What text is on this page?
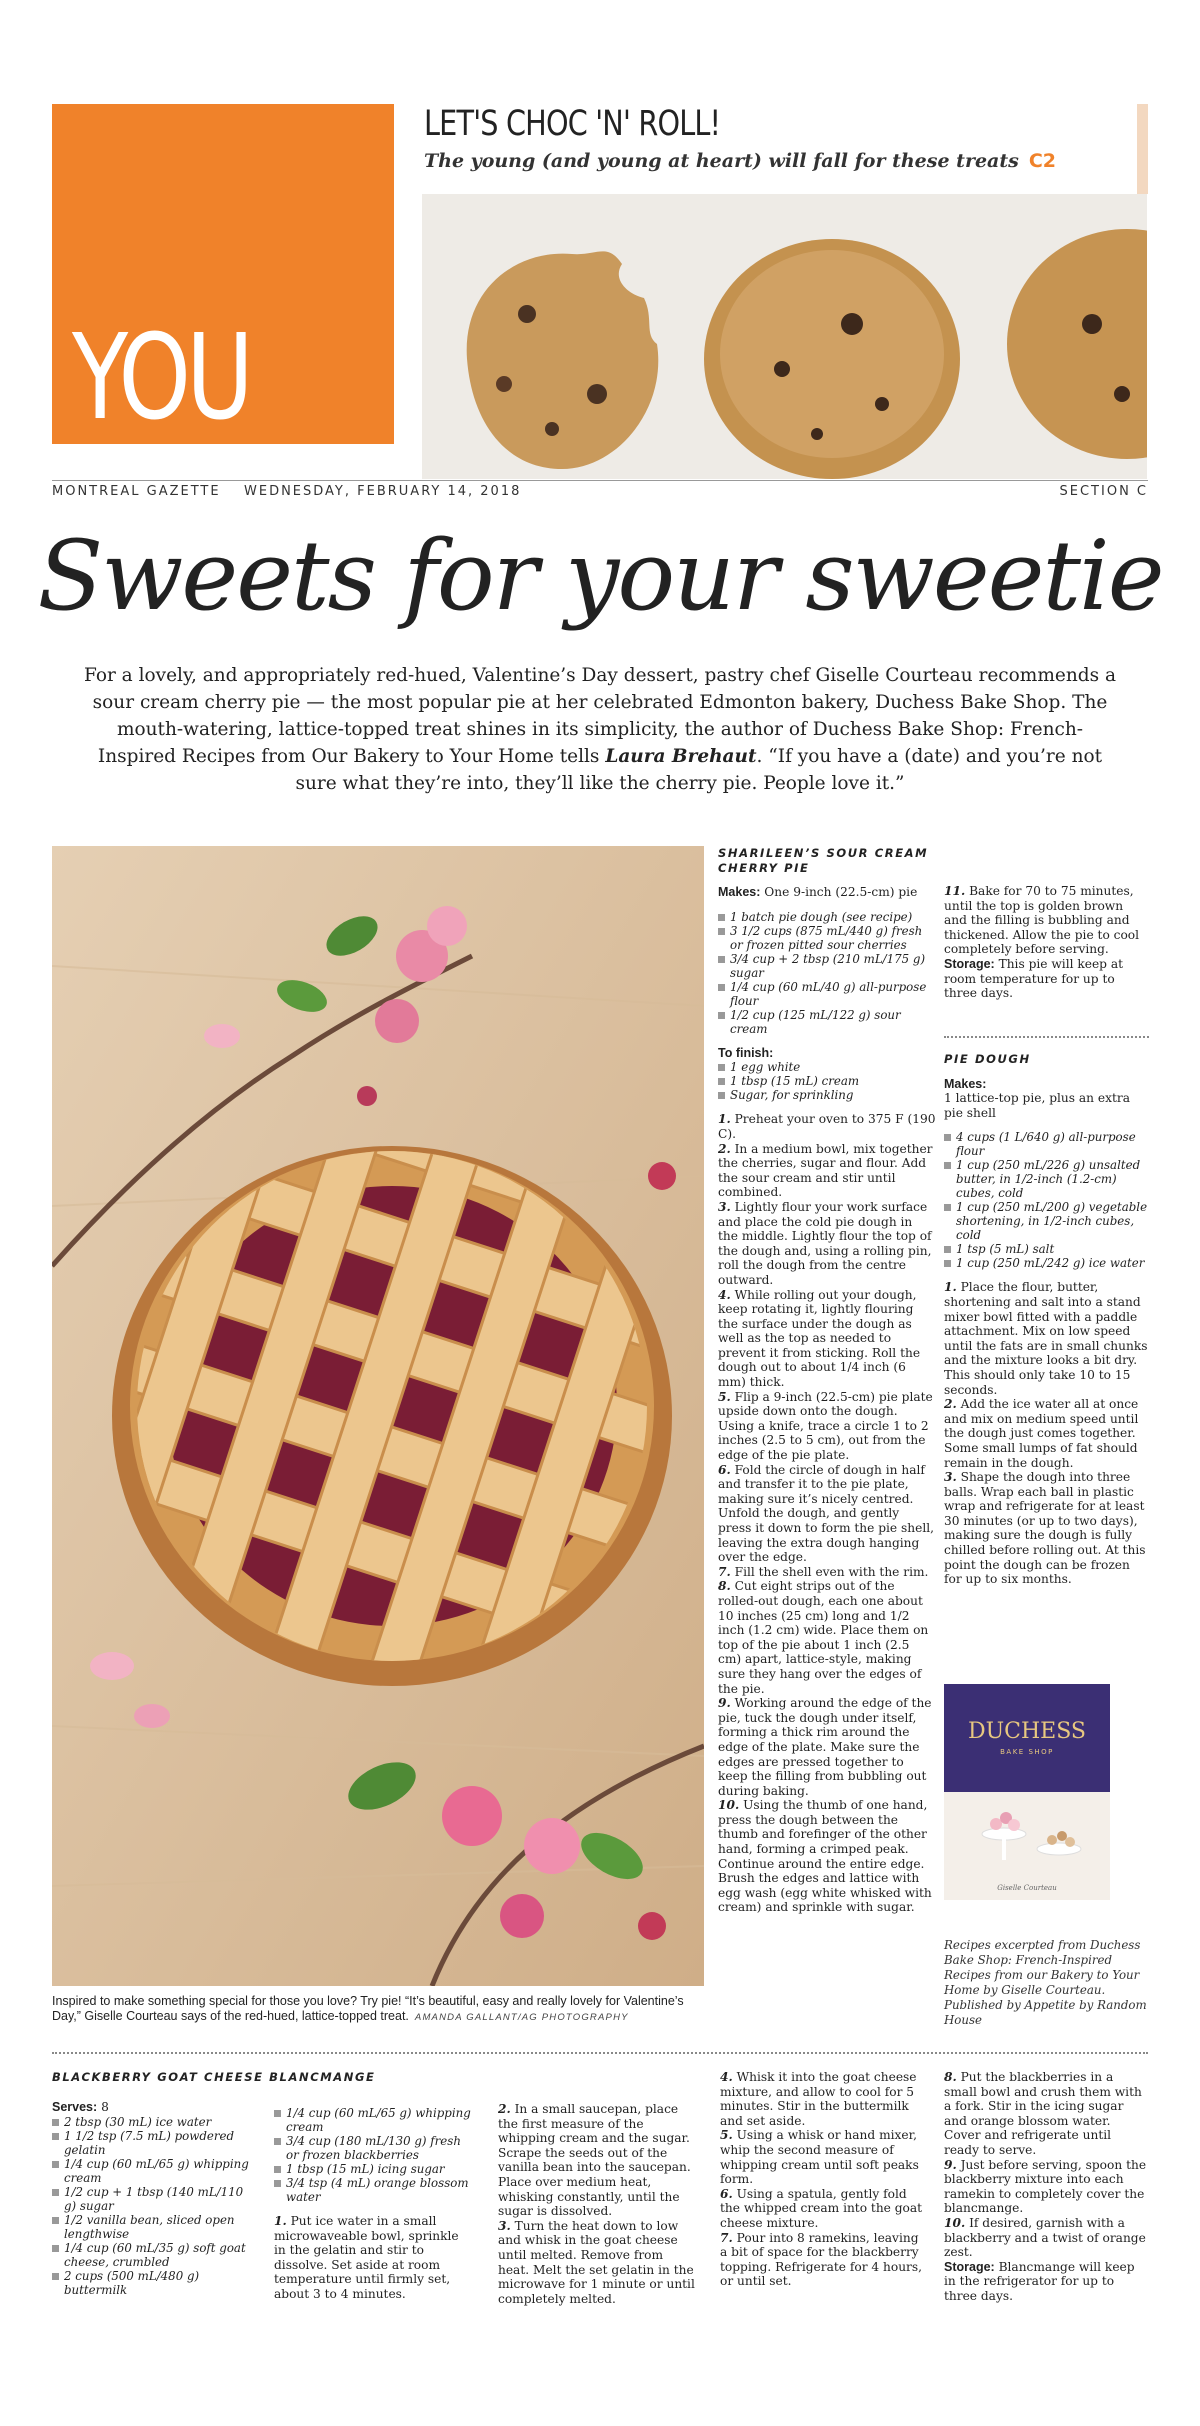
YOU
LET'S CHOC 'N' ROLL!
The young (and young at heart) will fall for these treats C2
MONTREAL GAZETTE WEDNESDAY, FEBRUARY 14, 2018	SECTION C
Sweets for your sweetie

For a lovely, and appropriately red-hued, Valentine’s Day dessert, pastry chef Giselle Courteau recommends a sour cream cherry pie — the most popular pie at her celebrated Edmonton bakery, Duchess Bake Shop. The mouth-watering, lattice-topped treat shines in its simplicity, the author of Duchess Bake Shop: French-Inspired Recipes from Our Bakery to Your Home tells Laura Brehaut. “If you have a (date) and you’re not sure what they’re into, they’ll like the cherry pie. People love it.”

Inspired to make something special for those you love? Try pie! “It’s beautiful, easy and really lovely for Valentine’s Day,” Giselle Courteau says of the red-hued, lattice-topped treat. AMANDA GALLANT/AG PHOTOGRAPHY

SHARILEEN’S SOUR CREAM CHERRY PIE
Makes: One 9-inch (22.5-cm) pie
1 batch pie dough (see recipe)
3 1/2 cups (875 mL/440 g) fresh or frozen pitted sour cherries
3/4 cup + 2 tbsp (210 mL/175 g) sugar
1/4 cup (60 mL/40 g) all-purpose flour
1/2 cup (125 mL/122 g) sour cream
To finish:
1 egg white
1 tbsp (15 mL) cream
Sugar, for sprinkling
1. Preheat your oven to 375 F (190 C).
2. In a medium bowl, mix together the cherries, sugar and flour. Add the sour cream and stir until combined.
3. Lightly flour your work surface and place the cold pie dough in the middle. Lightly flour the top of the dough and, using a rolling pin, roll the dough from the centre outward.
4. While rolling out your dough, keep rotating it, lightly flouring the surface under the dough as well as the top as needed to prevent it from sticking. Roll the dough out to about 1/4 inch (6 mm) thick.
5. Flip a 9-inch (22.5-cm) pie plate upside down onto the dough. Using a knife, trace a circle 1 to 2 inches (2.5 to 5 cm), out from the edge of the pie plate.
6. Fold the circle of dough in half and transfer it to the pie plate, making sure it’s nicely centred. Unfold the dough, and gently press it down to form the pie shell, leaving the extra dough hanging over the edge.
7. Fill the shell even with the rim.
8. Cut eight strips out of the rolled-out dough, each one about 10 inches (25 cm) long and 1/2 inch (1.2 cm) wide. Place them on top of the pie about 1 inch (2.5 cm) apart, lattice-style, making sure they hang over the edges of the pie.
9. Working around the edge of the pie, tuck the dough under itself, forming a thick rim around the edge of the plate. Make sure the edges are pressed together to keep the filling from bubbling out during baking.
10. Using the thumb of one hand, press the dough between the thumb and forefinger of the other hand, forming a crimped peak. Continue around the entire edge. Brush the edges and lattice with egg wash (egg white whisked with cream) and sprinkle with sugar.
11. Bake for 70 to 75 minutes, until the top is golden brown and the filling is bubbling and thickened. Allow the pie to cool completely before serving.
Storage: This pie will keep at room temperature for up to three days.
PIE DOUGH
Makes:
1 lattice-top pie, plus an extra pie shell
4 cups (1 L/640 g) all-purpose flour
1 cup (250 mL/226 g) unsalted butter, in 1/2-inch (1.2-cm) cubes, cold
1 cup (250 mL/200 g) vegetable shortening, in 1/2-inch cubes, cold
1 tsp (5 mL) salt
1 cup (250 mL/242 g) ice water
1. Place the flour, butter, shortening and salt into a stand mixer bowl fitted with a paddle attachment. Mix on low speed until the fats are in small chunks and the mixture looks a bit dry. This should only take 10 to 15 seconds.
2. Add the ice water all at once and mix on medium speed until the dough just comes together. Some small lumps of fat should remain in the dough.
3. Shape the dough into three balls. Wrap each ball in plastic wrap and refrigerate for at least 30 minutes (or up to two days), making sure the dough is fully chilled before rolling out. At this point the dough can be frozen for up to six months.
DUCHESS
BAKE SHOP
Giselle Courteau

Recipes excerpted from Duchess Bake Shop: French-Inspired Recipes from our Bakery to Your Home by Giselle Courteau. Published by Appetite by Random House

BLACKBERRY GOAT CHEESE BLANCMANGE
Serves: 8
2 tbsp (30 mL) ice water
1 1/2 tsp (7.5 mL) powdered gelatin
1/4 cup (60 mL/65 g) whipping cream
1/2 cup + 1 tbsp (140 mL/110 g) sugar
1/2 vanilla bean, sliced open lengthwise
1/4 cup (60 mL/35 g) soft goat cheese, crumbled
2 cups (500 mL/480 g) buttermilk
1/4 cup (60 mL/65 g) whipping cream
3/4 cup (180 mL/130 g) fresh or frozen blackberries
1 tbsp (15 mL) icing sugar
3/4 tsp (4 mL) orange blossom water
1. Put ice water in a small microwaveable bowl, sprinkle in the gelatin and stir to dissolve. Set aside at room temperature until firmly set, about 3 to 4 minutes.
2. In a small saucepan, place the first measure of the whipping cream and the sugar. Scrape the seeds out of the vanilla bean into the saucepan. Place over medium heat, whisking constantly, until the sugar is dissolved.
3. Turn the heat down to low and whisk in the goat cheese until melted. Remove from heat. Melt the set gelatin in the microwave for 1 minute or until completely melted.
4. Whisk it into the goat cheese mixture, and allow to cool for 5 minutes. Stir in the buttermilk and set aside.
5. Using a whisk or hand mixer, whip the second measure of whipping cream until soft peaks form.
6. Using a spatula, gently fold the whipped cream into the goat cheese mixture.
7. Pour into 8 ramekins, leaving a bit of space for the blackberry topping. Refrigerate for 4 hours, or until set.
8. Put the blackberries in a small bowl and crush them with a fork. Stir in the icing sugar and orange blossom water. Cover and refrigerate until ready to serve.
9. Just before serving, spoon the blackberry mixture into each ramekin to completely cover the blancmange.
10. If desired, garnish with a blackberry and a twist of orange zest.
Storage: Blancmange will keep in the refrigerator for up to three days.
